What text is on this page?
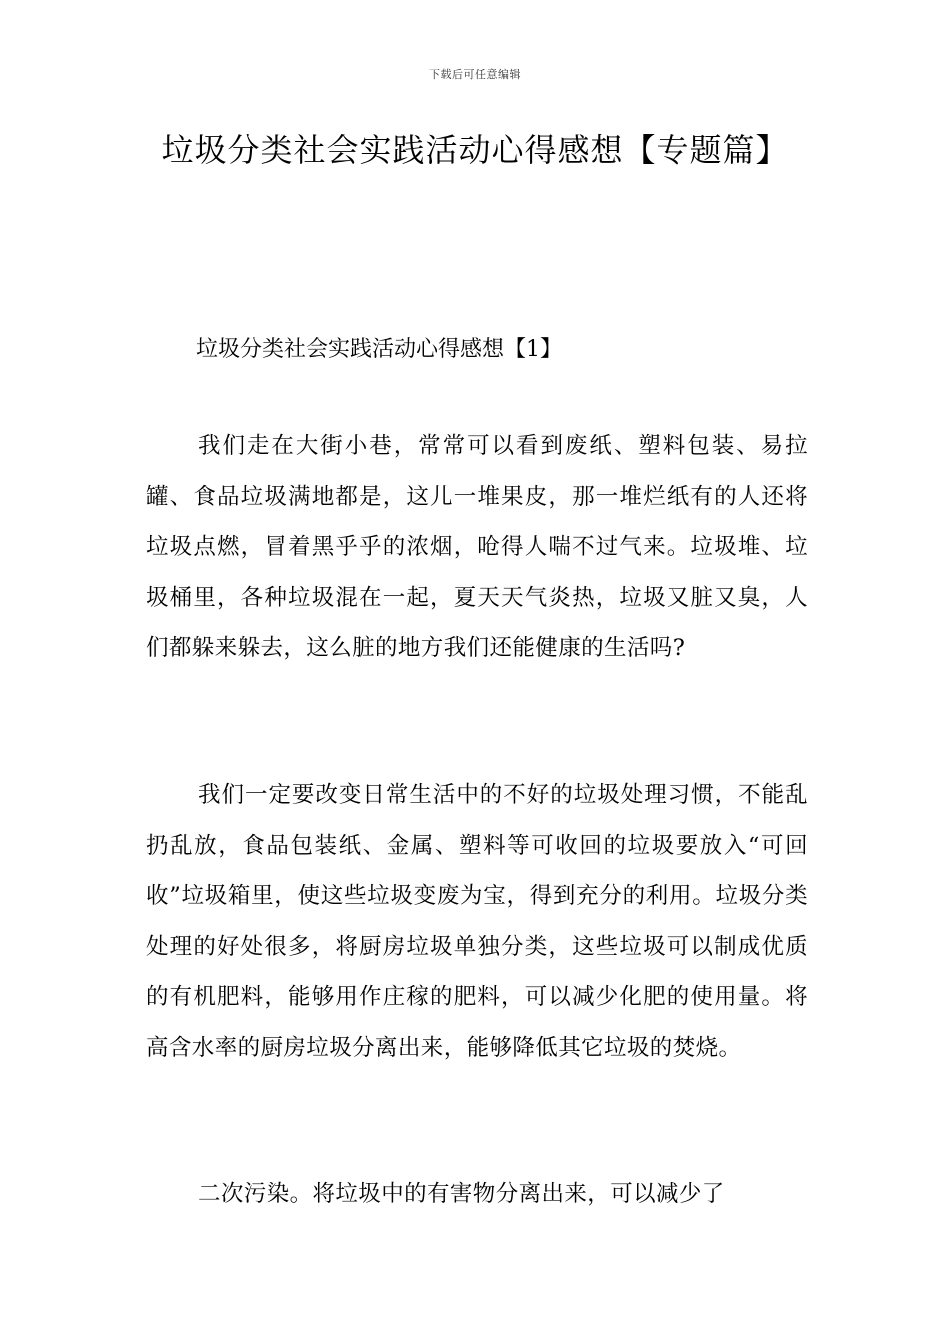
下载后可任意编辑
垃圾分类社会实践活动心得感想【专题篇】
垃圾分类社会实践活动心得感想【1】

我们走在大街小巷，常常可以看到废纸、塑料包装、易拉罐、食品垃圾满地都是，这儿一堆果皮，那一堆烂纸有的人还将垃圾点燃，冒着黑乎乎的浓烟，呛得人喘不过气来。垃圾堆、垃圾桶里，各种垃圾混在一起，夏天天气炎热，垃圾又脏又臭，人们都躲来躲去，这么脏的地方我们还能健康的生活吗?

我们一定要改变日常生活中的不好的垃圾处理习惯，不能乱扔乱放，食品包装纸、金属、塑料等可收回的垃圾要放入“可回收”垃圾箱里，使这些垃圾变废为宝，得到充分的利用。垃圾分类处理的好处很多，将厨房垃圾单独分类，这些垃圾可以制成优质的有机肥料，能够用作庄稼的肥料，可以减少化肥的使用量。将高含水率的厨房垃圾分离出来，能够降低其它垃圾的焚烧。

二次污染。将垃圾中的有害物分离出来，可以减少了
